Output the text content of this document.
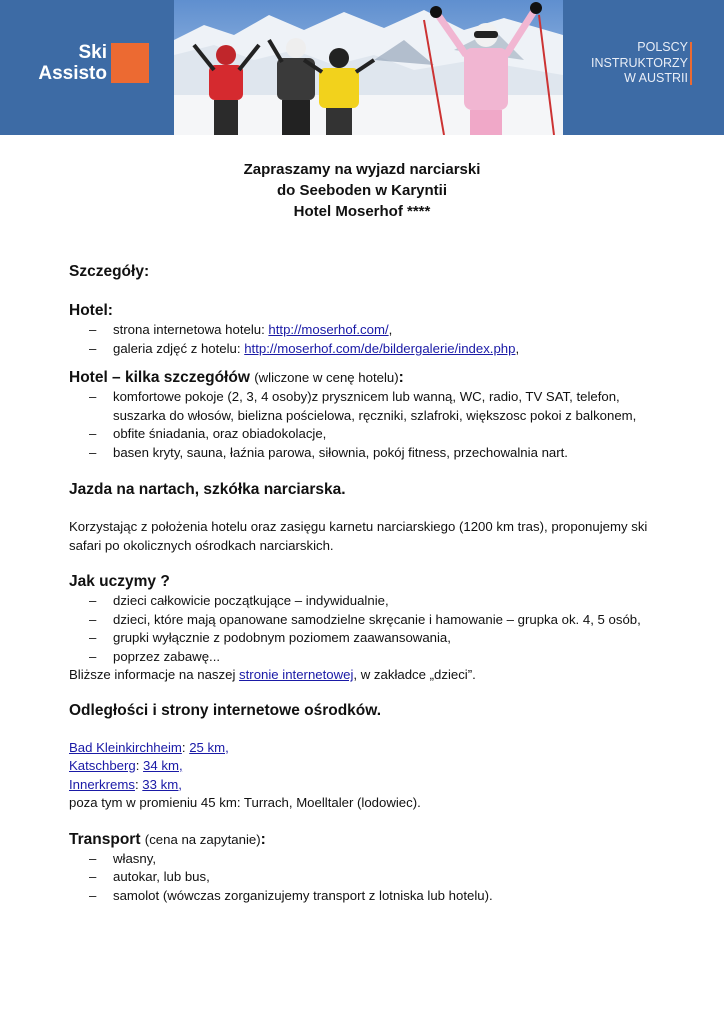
Ski
Assisto
POLSCY
INSTRUKTORZY
W AUSTRII
Zapraszamy na wyjazd narciarski
do Seeboden w Karyntii
Hotel Moserhof ****
Szczegóły:
Hotel:
– strona internetowa hotelu: http://moserhof.com/,
– galeria zdjęć z hotelu: http://moserhof.com/de/bildergalerie/index.php,
Hotel – kilka szczegółów (wliczone w cenę hotelu):
– komfortowe pokoje (2, 3, 4 osoby)z prysznicem lub wanną, WC, radio, TV SAT, telefon, suszarka do włosów, bielizna pościelowa, ręczniki, szlafroki, większosc pokoi z balkonem,
– obfite śniadania, oraz obiadokolacje,
– basen kryty, sauna, łaźnia parowa, siłownia, pokój fitness, przechowalnia nart.
Jazda na nartach, szkółka narciarska.

Korzystając z położenia hotelu oraz zasięgu karnetu narciarskiego (1200 km tras), proponujemy ski safari po okolicznych ośrodkach narciarskich.

Jak uczymy ?
– dzieci całkowicie początkujące – indywidualnie,
– dzieci, które mają opanowane samodzielne skręcanie i hamowanie – grupka ok. 4, 5 osób,
– grupki wyłącznie z podobnym poziomem zaawansowania,
– poprzez zabawę...

Bliższe informacje na naszej stronie internetowej, w zakładce „dzieci”.

Odległości i strony internetowe ośrodków.

Bad Kleinkirchheim: 25 km,

Katschberg: 34 km,

Innerkrems: 33 km,

poza tym w promieniu 45 km: Turrach, Moelltaler (lodowiec).

Transport (cena na zapytanie):
– własny,
– autokar, lub bus,
– samolot (wówczas zorganizujemy transport z lotniska lub hotelu).
